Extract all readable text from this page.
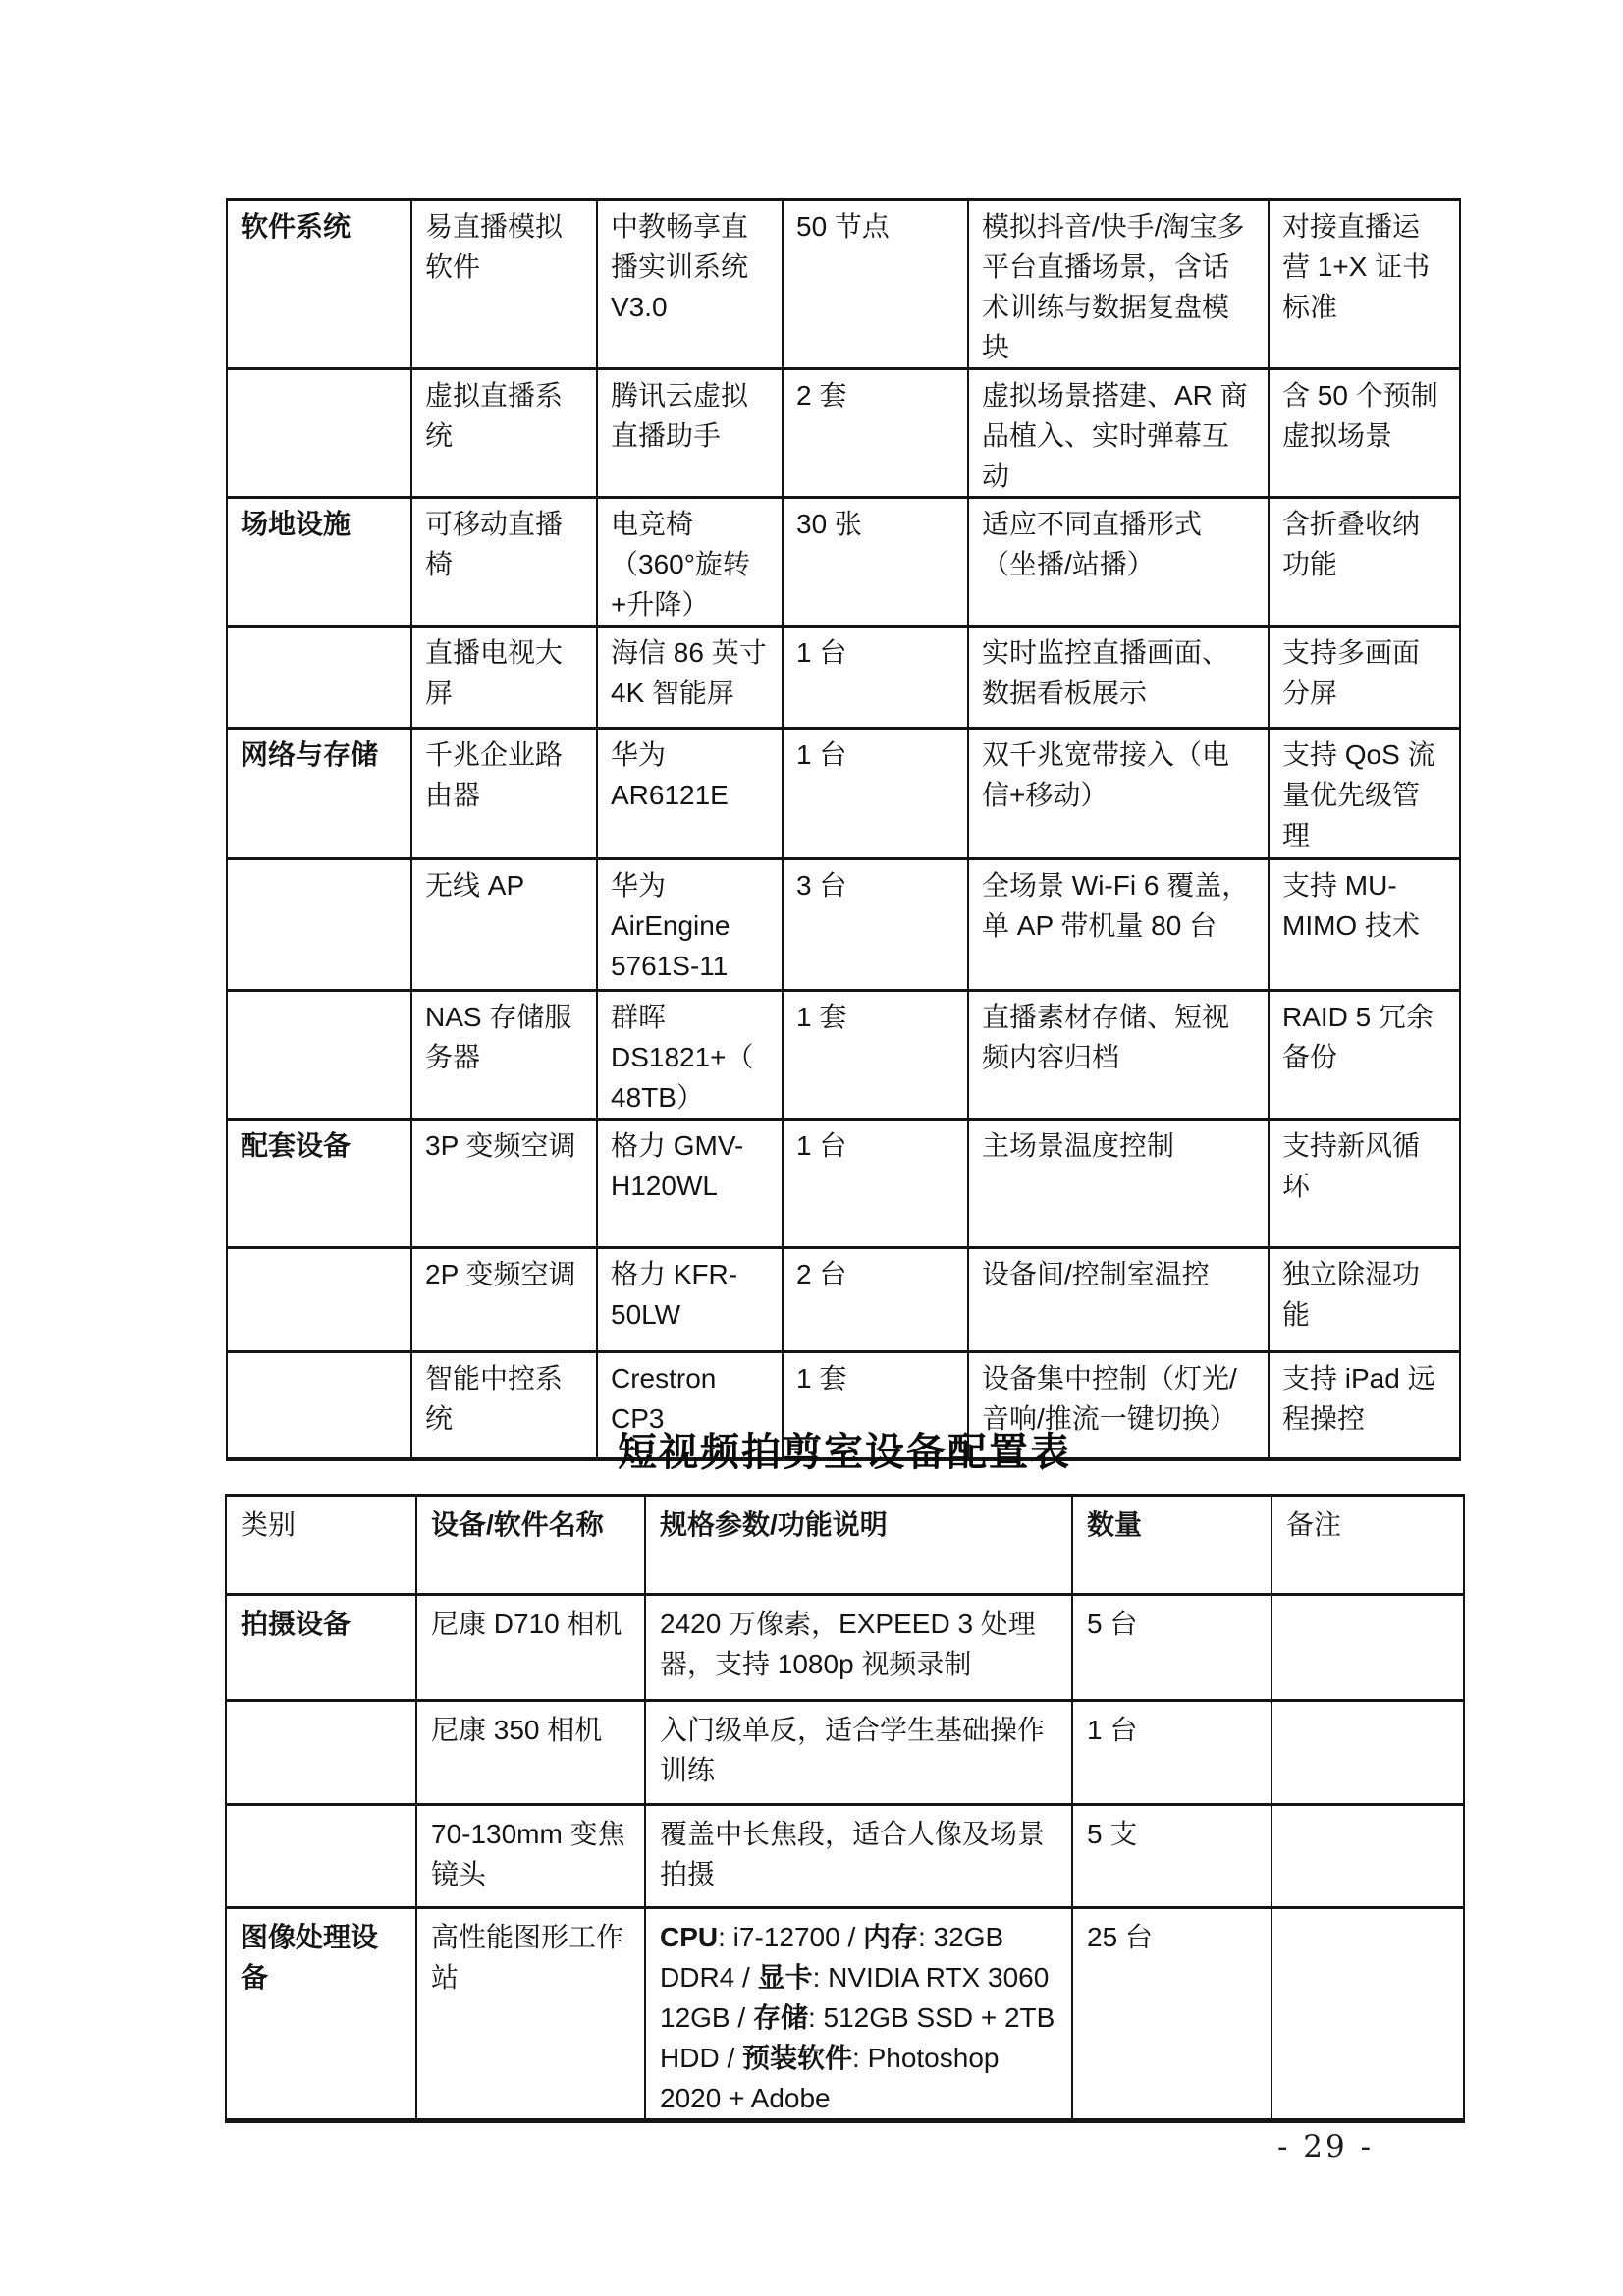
软件系统	易直播模拟软件	中教畅享直播实训系统V3.0	50 节点	模拟抖音/快手/淘宝多平台直播场景，含话术训练与数据复盘模块	对接直播运营 1+X 证书标准
	虚拟直播系统	腾讯云虚拟直播助手	2 套	虚拟场景搭建、AR 商品植入、实时弹幕互动	含 50 个预制虚拟场景
场地设施	可移动直播椅	电竞椅（360°旋转+升降）	30 张	适应不同直播形式（坐播/站播）	含折叠收纳功能
	直播电视大屏	海信 86 英寸 4K 智能屏	1 台	实时监控直播画面、数据看板展示	支持多画面分屏
网络与存储	千兆企业路由器	华为 AR6121E	1 台	双千兆宽带接入（电信+移动）	支持 QoS 流量优先级管理
	无线 AP	华为 AirEngine 5761S-11	3 台	全场景 Wi-Fi 6 覆盖，单 AP 带机量 80 台	支持 MU-MIMO 技术
	NAS 存储服务器	群晖 DS1821+（48TB）	1 套	直播素材存储、短视频内容归档	RAID 5 冗余备份
配套设备	3P 变频空调	格力 GMV-H120WL	1 台	主场景温度控制	支持新风循环
	2P 变频空调	格力 KFR-50LW	2 台	设备间/控制室温控	独立除湿功能
	智能中控系统	Crestron CP3	1 套	设备集中控制（灯光/音响/推流一键切换）	支持 iPad 远程操控
短视频拍剪室设备配置表
类别	设备/软件名称	规格参数/功能说明	数量	备注
拍摄设备	尼康 D710 相机	2420 万像素，EXPEED 3 处理器，支持 1080p 视频录制	5 台	
	尼康 350 相机	入门级单反，适合学生基础操作训练	1 台	
	70-130mm 变焦镜头	覆盖中长焦段，适合人像及场景拍摄	5 支	
图像处理设备	高性能图形工作站	CPU: i7-12700 / 内存: 32GB DDR4 / 显卡: NVIDIA RTX 3060 12GB / 存储: 512GB SSD + 2TB HDD / 预装软件: Photoshop 2020 + Adobe	25 台	
- 29 -
